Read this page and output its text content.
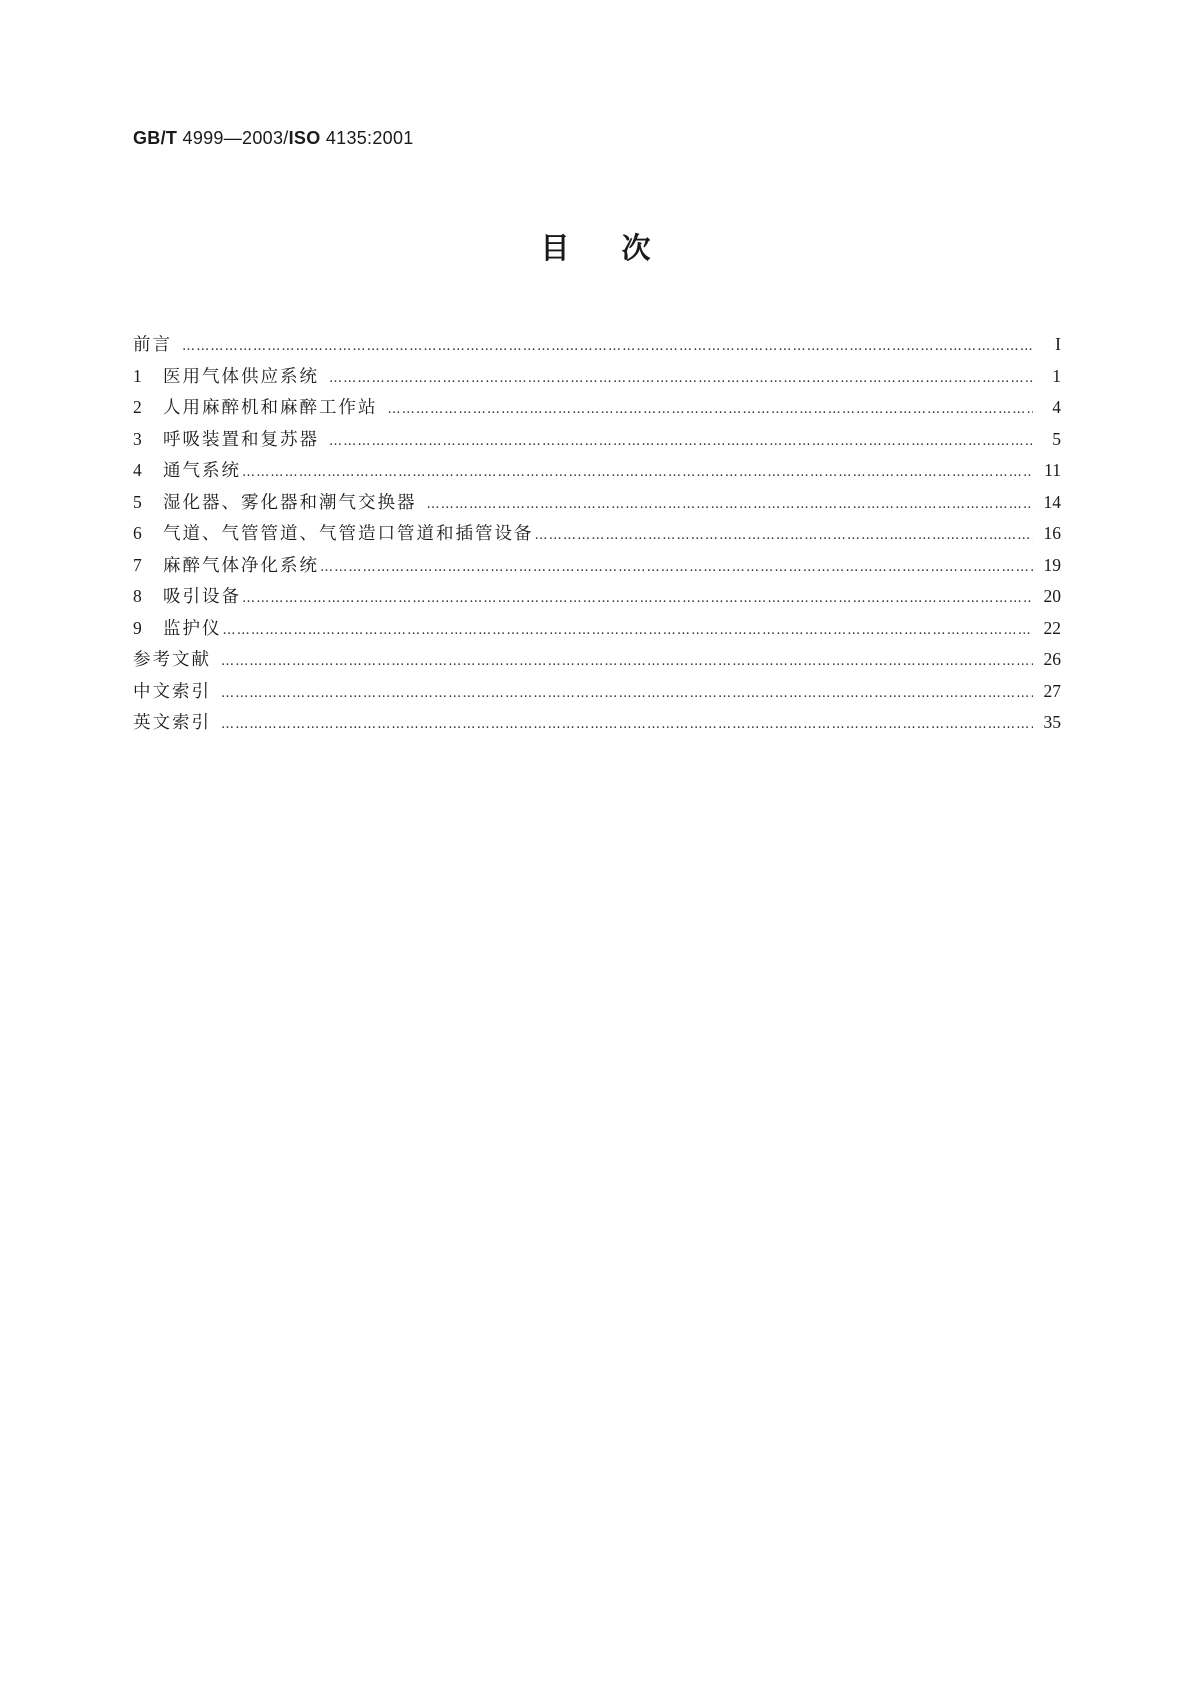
GB/T 4999—2003/ISO 4135:2001
目次
前言 …………………………………………………………………………………………………………………………………………………………………………………………………………	I
1	医用气体供应系统 …………………………………………………………………………………………………………………………………………………………………………………………………………	1
2	人用麻醉机和麻醉工作站 …………………………………………………………………………………………………………………………………………………………………………………………………………	4
3	呼吸装置和复苏器 …………………………………………………………………………………………………………………………………………………………………………………………………………	5
4	通气系统 …………………………………………………………………………………………………………………………………………………………………………………………………………	11
5	湿化器、雾化器和潮气交换器 …………………………………………………………………………………………………………………………………………………………………………………………………………	14
6	气道、气管管道、气管造口管道和插管设备 …………………………………………………………………………………………………………………………………………………………………………………………………………	16
7	麻醉气体净化系统 …………………………………………………………………………………………………………………………………………………………………………………………………………	19
8	吸引设备 …………………………………………………………………………………………………………………………………………………………………………………………………………	20
9	监护仪 …………………………………………………………………………………………………………………………………………………………………………………………………………	22
参考文献 …………………………………………………………………………………………………………………………………………………………………………………………………………	26
中文索引 …………………………………………………………………………………………………………………………………………………………………………………………………………	27
英文索引 …………………………………………………………………………………………………………………………………………………………………………………………………………	35
